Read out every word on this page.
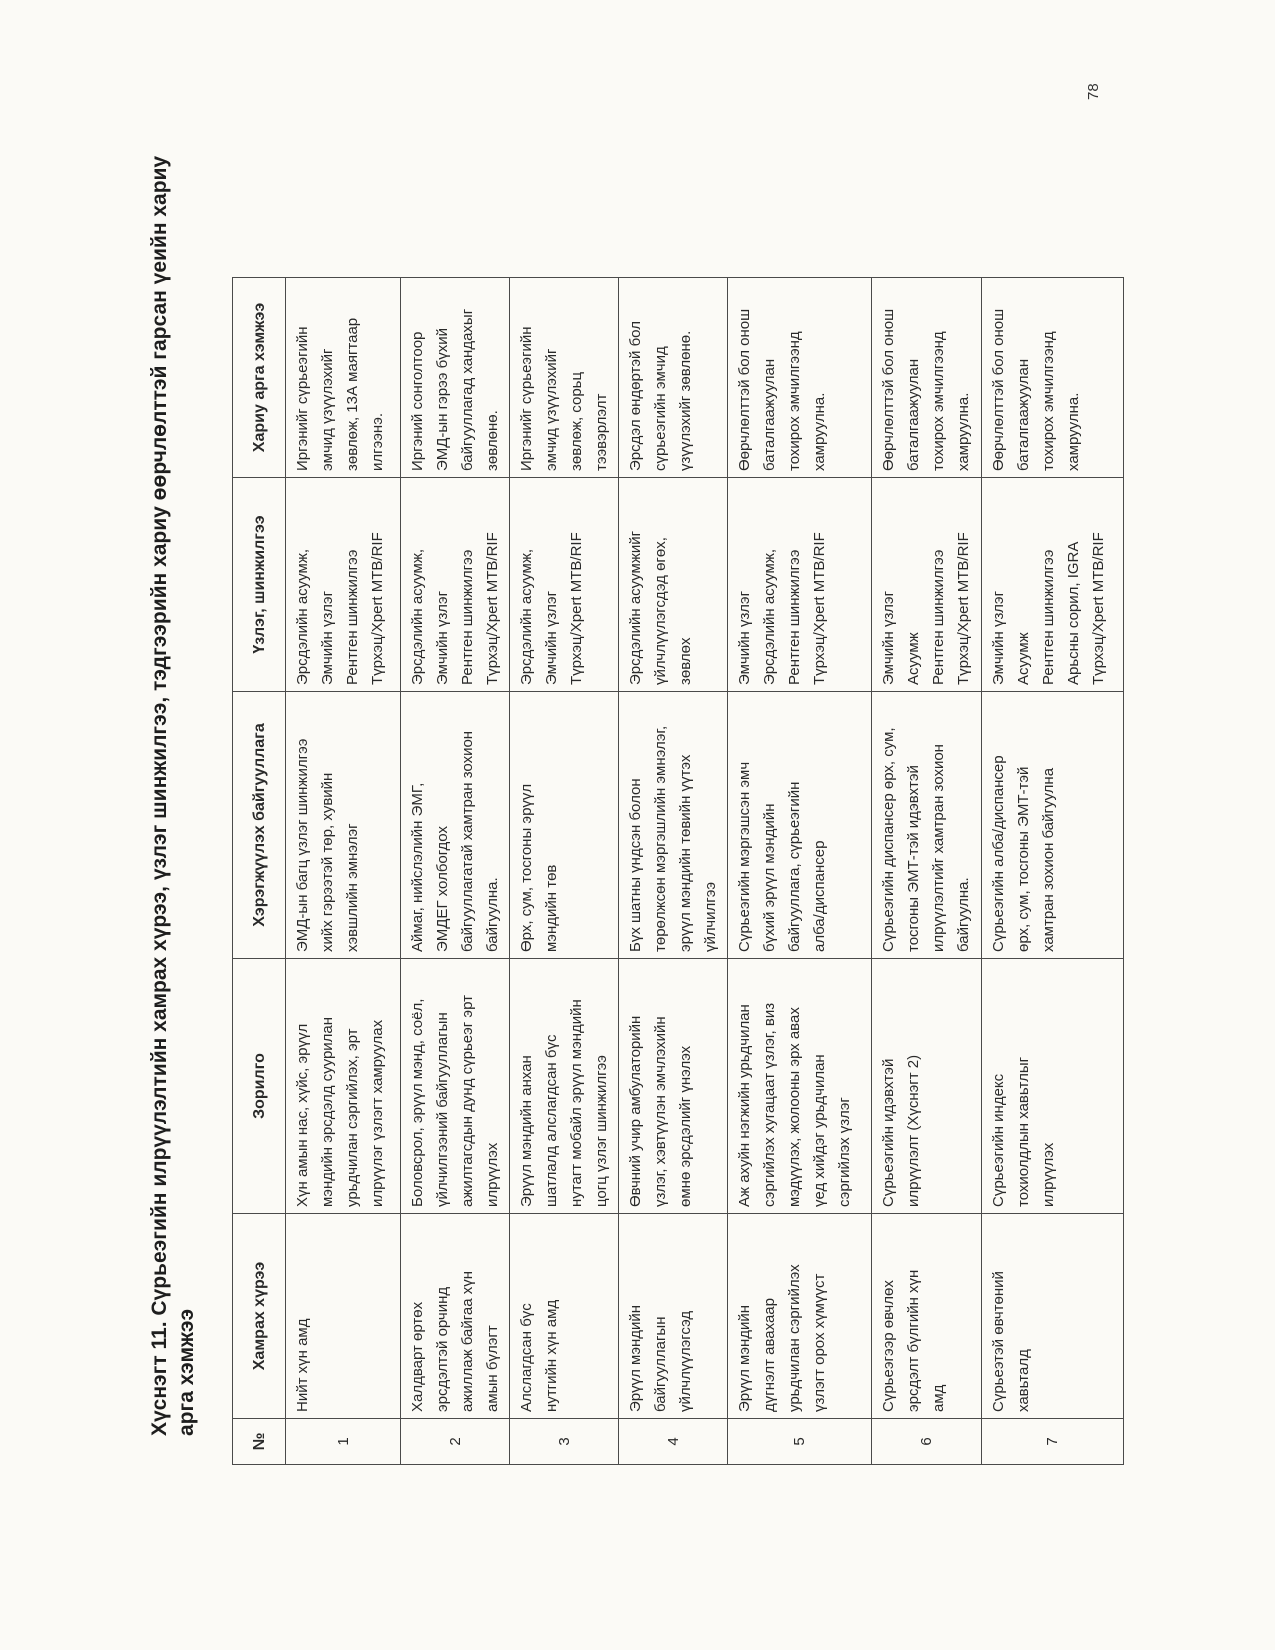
Хүснэгт 11. Сүрьеэгийн илрүүлэлтийн хамрах хүрээ, үзлэг шинжилгээ, тэдгээрийн хариу өөрчлөлттэй гарсан үеийн хариу арга хэмжээ
№	Хамрах хүрээ	Зорилго	Хэрэгжүүлэх байгууллага	Үзлэг, шинжилгээ	Хариу арга хэмжээ
1	Нийт хүн амд	Хүн амын нас, хүйс, эрүүл мэндийн эрсдэлд суурилан урьдчилан сэргийлэх, эрт илрүүлэг үзлэгт хамруулах	ЭМД-ын багц үзлэг шинжилгээ хийх гэрээтэй төр, хувийн хэвшлийн эмнэлэг	Эрсдэлийн асуумж, Эмчийн үзлэг Рентген шинжилгээ Түрхэц/Xpert MTB/RIF	Иргэнийг сүрьеэгийн эмчид үзүүлэхийг зөвлөж, 13А маягтаар илгээнэ.

2	Халдварт өртөх эрсдэлтэй орчинд ажиллаж байгаа хүн амын бүлэгт	Боловсрол, эрүүл мэнд, соёл, үйлчилгээний байгууллагын ажилтагсдын дунд сүрьеэг эрт илрүүлэх	Аймаг, нийслэлийн ЭМГ, ЭМДЕГ холбогдох байгууллагатай хамтран зохион байгуулна.	Эрсдэлийн асуумж, Эмчийн үзлэг Рентген шинжилгээ Түрхэц/Xpert MTB/RIF	Иргэний сонголтоор ЭМД-ын гэрээ бүхий байгууллагад хандахыг зөвлөнө.

3	Алслагдсан бүс нутгийн хүн амд	Эрүүл мэндийн анхан шатлалд алслагдсан бүс нутагт мобайл эрүүл мэндийн цогц үзлэг шинжилгээ	Өрх, сум, тосгоны эрүүл мэндийн төв	Эрсдэлийн асуумж, Эмчийн үзлэг Түрхэц/Xpert MTB/RIF	Иргэнийг сүрьеэгийн эмчид үзүүлэхийг зөвлөж, сорьц тээвэрлэлт

4	Эрүүл мэндийн байгууллагын үйлчлүүлэгсэд	Өвчний учир амбулаторийн үзлэг, хэвтүүлэн эмчлэхийн өмнө эрсдэлийг үнэлэх	Бүх шатны үндсэн болон төрөлжсөн мэргэшлийн эмнэлэг, эрүүл мэндийн төвийн үүтэх үйлчилгээ	Эрсдэлийн асуумжийг үйлчлүүлэгсдэд өгөх, зөвлөх	Эрсдэл өндөртэй бол сүрьеэгийн эмчид үзүүлэхийг зөвлөнө.

5	Эрүүл мэндийн дүгнэлт авахаар урьдчилан сэргийлэх үзлэгт орох хүмүүст	Аж ахуйн нэгжийн урьдчилан сэргийлэх хугацаат үзлэг, виз мэдүүлэх, жолооны эрх авах үед хийдэг урьдчилан сэргийлэх үзлэг	Сүрьеэгийн мэргэшсэн эмч бүхий эрүүл мэндийн байгууллага, сүрьеэгийн алба/диспансер	Эмчийн үзлэг Эрсдэлийн асуумж, Рентген шинжилгээ Түрхэц/Xpert MTB/RIF	Өөрчлөлттэй бол онош баталгаажуулан тохирох эмчилгээнд хамруулна.

6	Сүрьеэгээр өвчлөх эрсдэлт бүлгийн хүн амд	Сүрьеэгийн идэвхтэй илрүүлэлт (Хүснэгт 2)	Сүрьеэгийн диспансер өрх, сум, тосгоны ЭМТ-тэй идэвхтэй илрүүлэлтийг хамтран зохион байгуулна.	Эмчийн үзлэг Асуумж Рентген шинжилгээ Түрхэц/Xpert MTB/RIF	Өөрчлөлттэй бол онош баталгаажуулан тохирох эмчилгээнд хамруулна.

7	Сүрьеэтэй өвчтөний хавьталд	Сүрьеэгийн индекс тохиолдлын хавьтлыг илрүүлэх	Сүрьеэгийн алба/диспансер өрх, сум, тосгоны ЭМТ-тэй хамтран зохион байгуулна	Эмчийн үзлэг Асуумж Рентген шинжилгээ Арьсны сорил, IGRA Түрхэц/Xpert MTB/RIF	Өөрчлөлттэй бол онош баталгаажуулан тохирох эмчилгээнд хамруулна.
78
